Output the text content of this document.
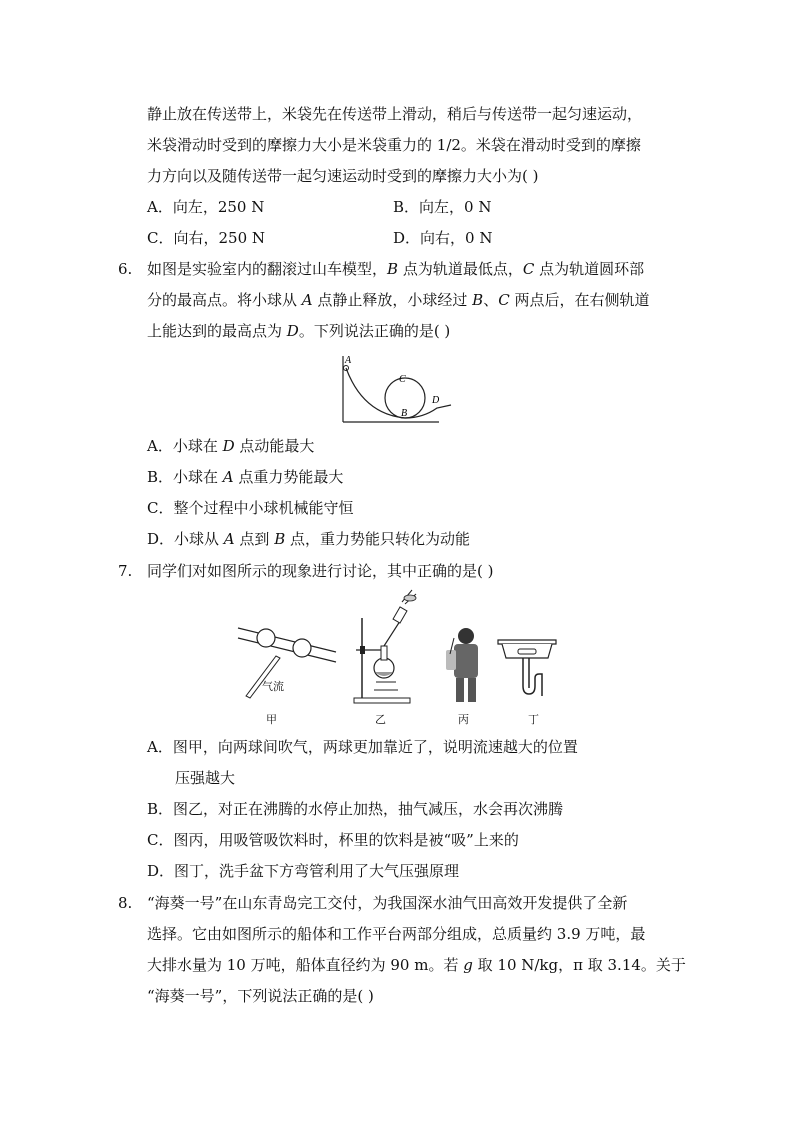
静止放在传送带上，米袋先在传送带上滑动，稍后与传送带一起匀速运动，
米袋滑动时受到的摩擦力大小是米袋重力的 1/2。米袋在滑动时受到的摩擦
力方向以及随传送带一起匀速运动时受到的摩擦力大小为( )
A．向左，250 N	B．向左，0 N
C．向右，250 N	D．向右，0 N
6. 如图是实验室内的翻滚过山车模型，B 点为轨道最低点，C 点为轨道圆环部
分的最高点。将小球从 A 点静止释放，小球经过 B、C 两点后，在右侧轨道
上能达到的最高点为 D。下列说法正确的是( )
A
C
B
D
A．小球在 D 点动能最大
B．小球在 A 点重力势能最大
C．整个过程中小球机械能守恒
D．小球从 A 点到 B 点，重力势能只转化为动能
7. 同学们对如图所示的现象进行讨论，其中正确的是( )
气流
甲	乙	丙	丁
A．图甲，向两球间吹气，两球更加靠近了，说明流速越大的位置
压强越大
B．图乙，对正在沸腾的水停止加热，抽气减压，水会再次沸腾
C．图丙，用吸管吸饮料时，杯里的饮料是被“吸”上来的
D．图丁，洗手盆下方弯管利用了大气压强原理
8. “海葵一号”在山东青岛完工交付，为我国深水油气田高效开发提供了全新
选择。它由如图所示的船体和工作平台两部分组成，总质量约 3.9 万吨，最
大排水量为 10 万吨，船体直径约为 90 m。若 g 取 10 N/kg，π 取 3.14。关于
“海葵一号”，下列说法正确的是( )
